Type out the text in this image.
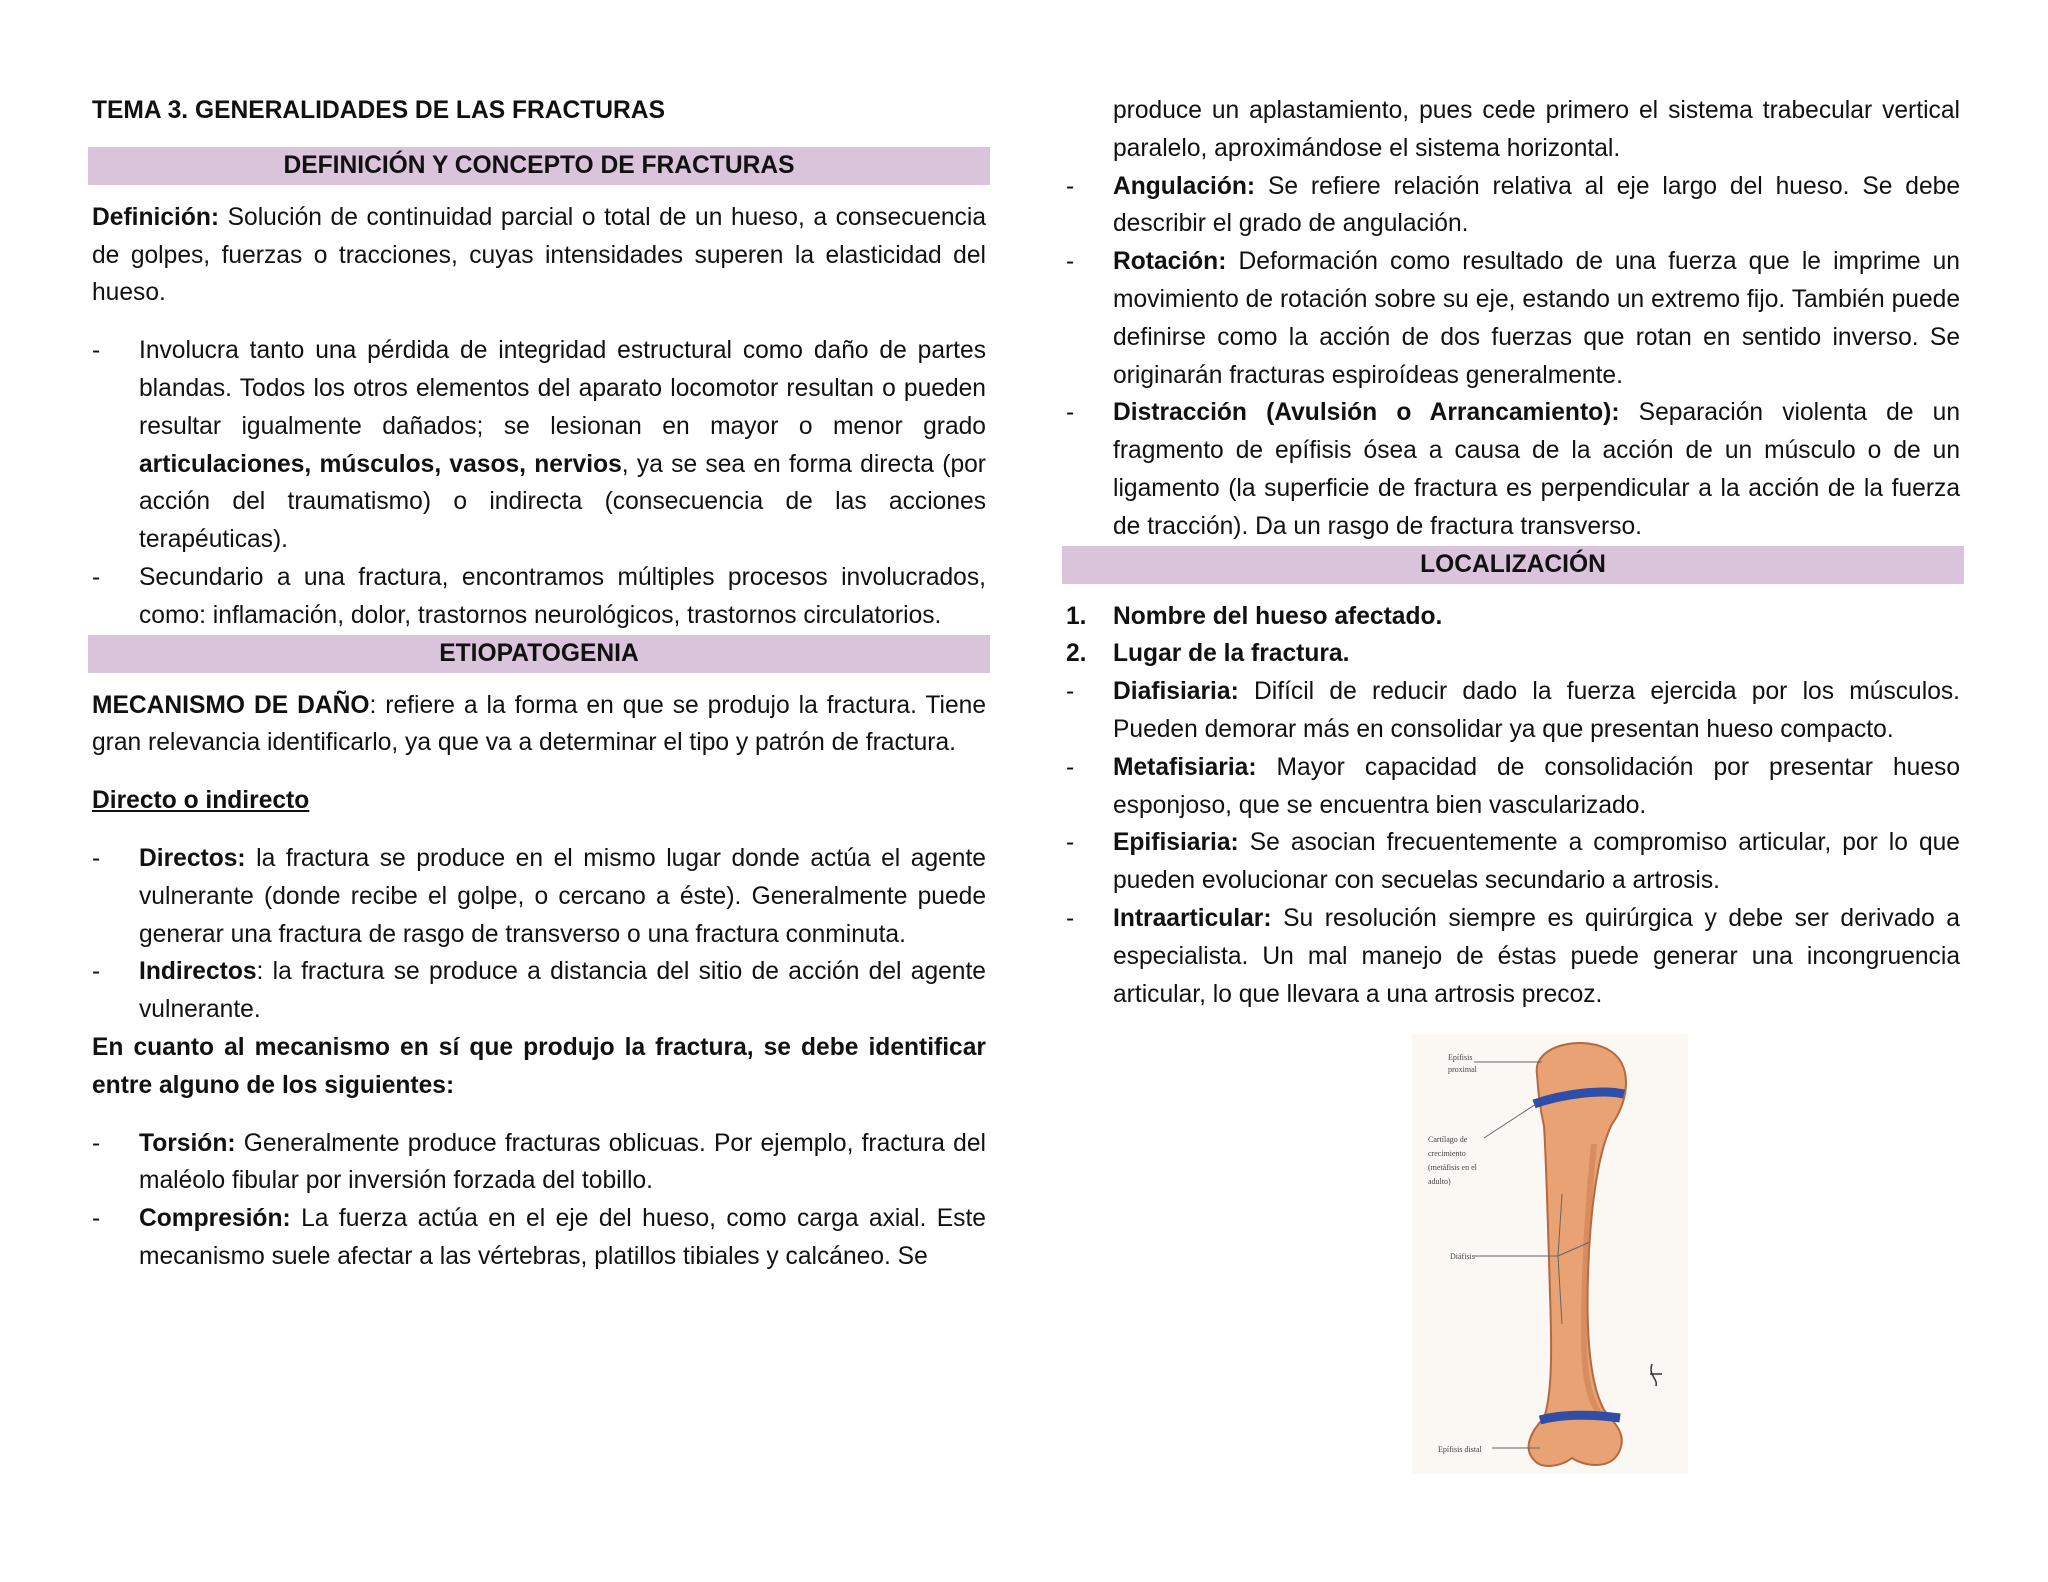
TEMA 3. GENERALIDADES DE LAS FRACTURAS

DEFINICIÓN Y CONCEPTO DE FRACTURAS

Definición: Solución de continuidad parcial o total de un hueso, a consecuencia de golpes, fuerzas o tracciones, cuyas intensidades superen la elasticidad del hueso.

- Involucra tanto una pérdida de integridad estructural como daño de partes blandas. Todos los otros elementos del aparato locomotor resultan o pueden resultar igualmente dañados; se lesionan en mayor o menor grado articulaciones, músculos, vasos, nervios, ya se sea en forma directa (por acción del traumatismo) o indirecta (consecuencia de las acciones terapéuticas).
- Secundario a una fractura, encontramos múltiples procesos involucrados, como: inflamación, dolor, trastornos neurológicos, trastornos circulatorios.
ETIOPATOGENIA

MECANISMO DE DAÑO: refiere a la forma en que se produjo la fractura. Tiene gran relevancia identificarlo, ya que va a determinar el tipo y patrón de fractura.

Directo o indirecto

- Directos: la fractura se produce en el mismo lugar donde actúa el agente vulnerante (donde recibe el golpe, o cercano a éste). Generalmente puede generar una fractura de rasgo de transverso o una fractura conminuta.
- Indirectos: la fractura se produce a distancia del sitio de acción del agente vulnerante.

En cuanto al mecanismo en sí que produjo la fractura, se debe identificar entre alguno de los siguientes:

- Torsión: Generalmente produce fracturas oblicuas. Por ejemplo, fractura del maléolo fibular por inversión forzada del tobillo.
- Compresión: La fuerza actúa en el eje del hueso, como carga axial. Este mecanismo suele afectar a las vértebras, platillos tibiales y calcáneo. Se
produce un aplastamiento, pues cede primero el sistema trabecular vertical paralelo, aproximándose el sistema horizontal.
- Angulación: Se refiere relación relativa al eje largo del hueso. Se debe describir el grado de angulación.
- Rotación: Deformación como resultado de una fuerza que le imprime un movimiento de rotación sobre su eje, estando un extremo fijo. También puede definirse como la acción de dos fuerzas que rotan en sentido inverso. Se originarán fracturas espiroídeas generalmente.
- Distracción (Avulsión o Arrancamiento): Separación violenta de un fragmento de epífisis ósea a causa de la acción de un músculo o de un ligamento (la superficie de fractura es perpendicular a la acción de la fuerza de tracción). Da un rasgo de fractura transverso.
LOCALIZACIÓN
1. Nombre del hueso afectado.
2. Lugar de la fractura.
- Diafisiaria: Difícil de reducir dado la fuerza ejercida por los músculos. Pueden demorar más en consolidar ya que presentan hueso compacto.
- Metafisiaria: Mayor capacidad de consolidación por presentar hueso esponjoso, que se encuentra bien vascularizado.
- Epifisiaria: Se asocian frecuentemente a compromiso articular, por lo que pueden evolucionar con secuelas secundario a artrosis.
- Intraarticular: Su resolución siempre es quirúrgica y debe ser derivado a especialista. Un mal manejo de éstas puede generar una incongruencia articular, lo que llevara a una artrosis precoz.
Epífisis
proximal
Cartílago de
crecimiento
(metáfisis en el
adulto)
Diáfisis
Epífisis distal
